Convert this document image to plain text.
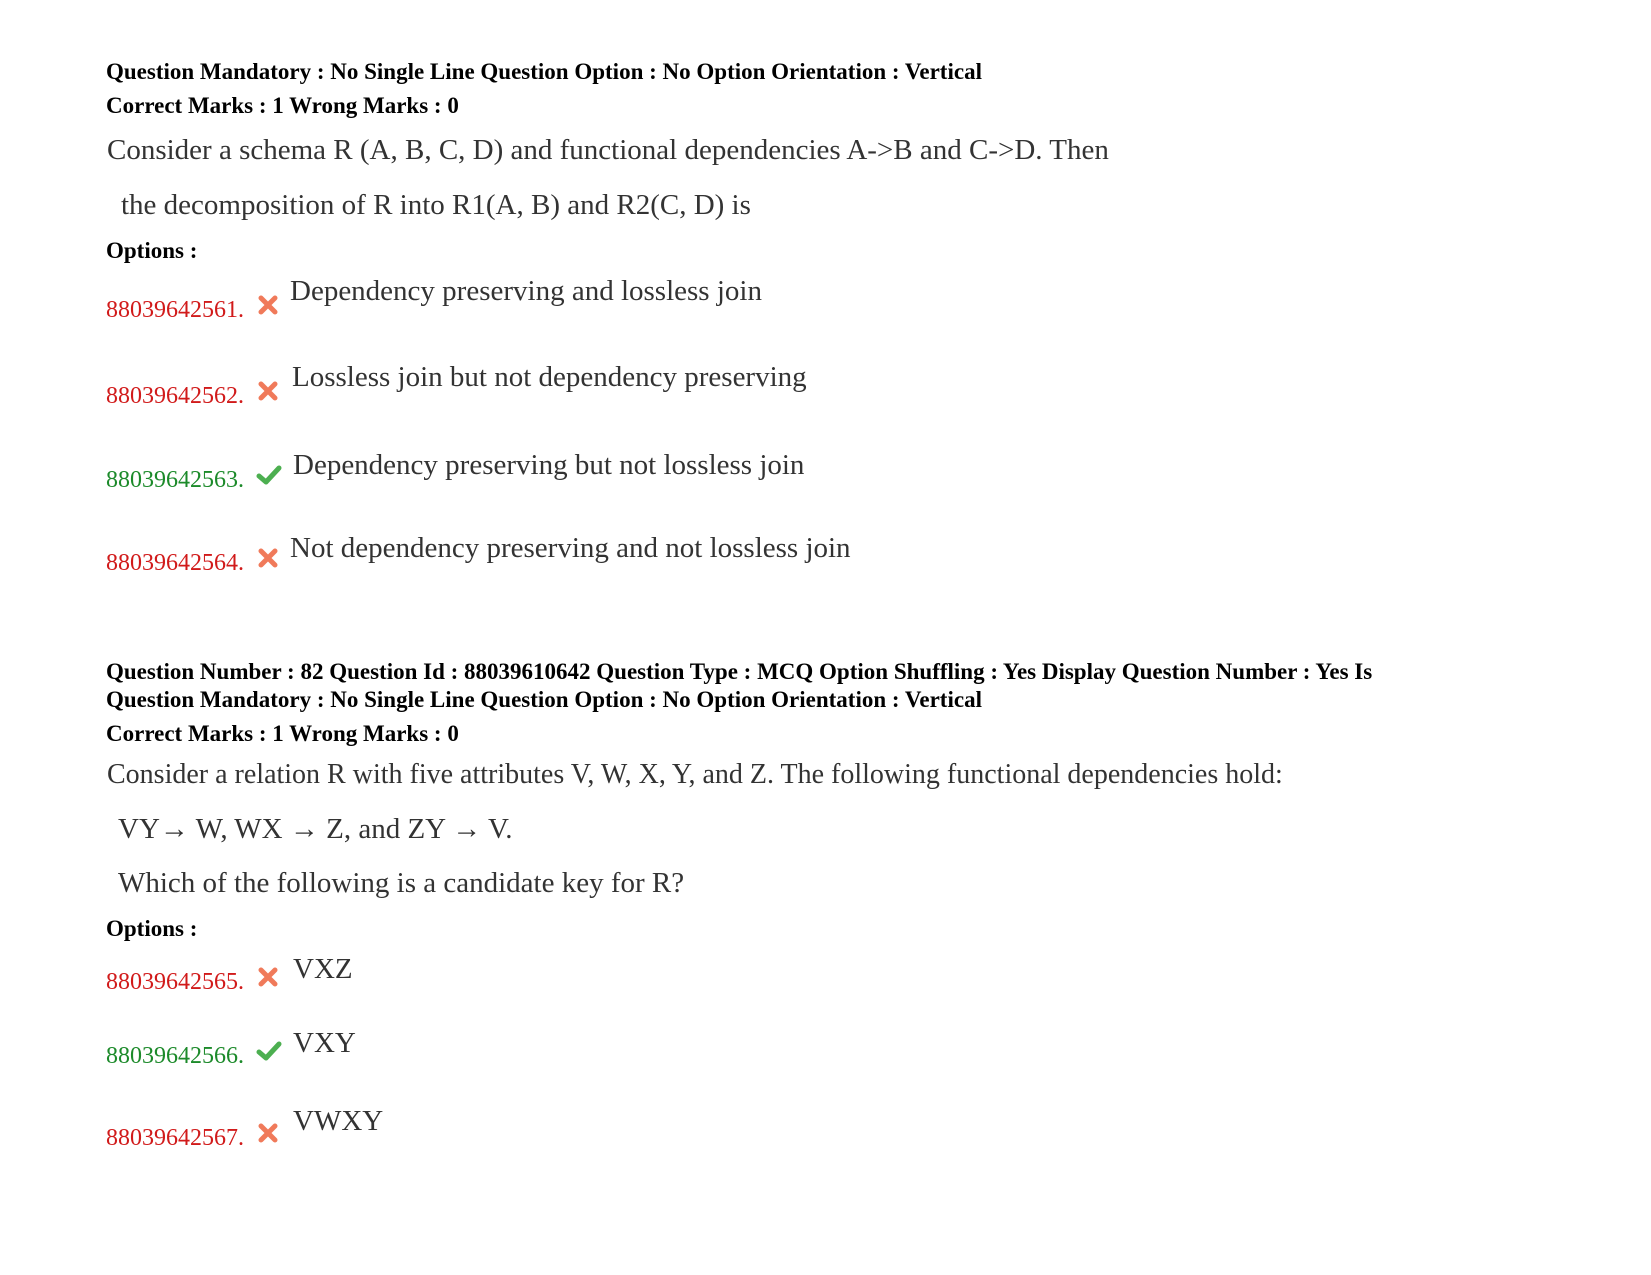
Question Mandatory : No Single Line Question Option : No Option Orientation : Vertical
Correct Marks : 1 Wrong Marks : 0
Consider a schema R (A, B, C, D) and functional dependencies A->B and C->D. Then
the decomposition of R into R1(A, B) and R2(C, D) is
Options :
88039642561.
Dependency preserving and lossless join
88039642562.
Lossless join but not dependency preserving
88039642563. Dependency preserving but not lossless join
88039642564. Not dependency preserving and not lossless join
Question Number : 82 Question Id : 88039610642 Question Type : MCQ Option Shuffling : Yes Display Question Number : Yes Is
Question Mandatory : No Single Line Question Option : No Option Orientation : Vertical
Correct Marks : 1 Wrong Marks : 0
Consider a relation R with five attributes V, W, X, Y, and Z. The following functional dependencies hold:
VY→ W, WX → Z, and ZY → V.
Which of the following is a candidate key for R?
Options :
88039642565. VXZ
88039642566. VXY
88039642567.
VWXY
